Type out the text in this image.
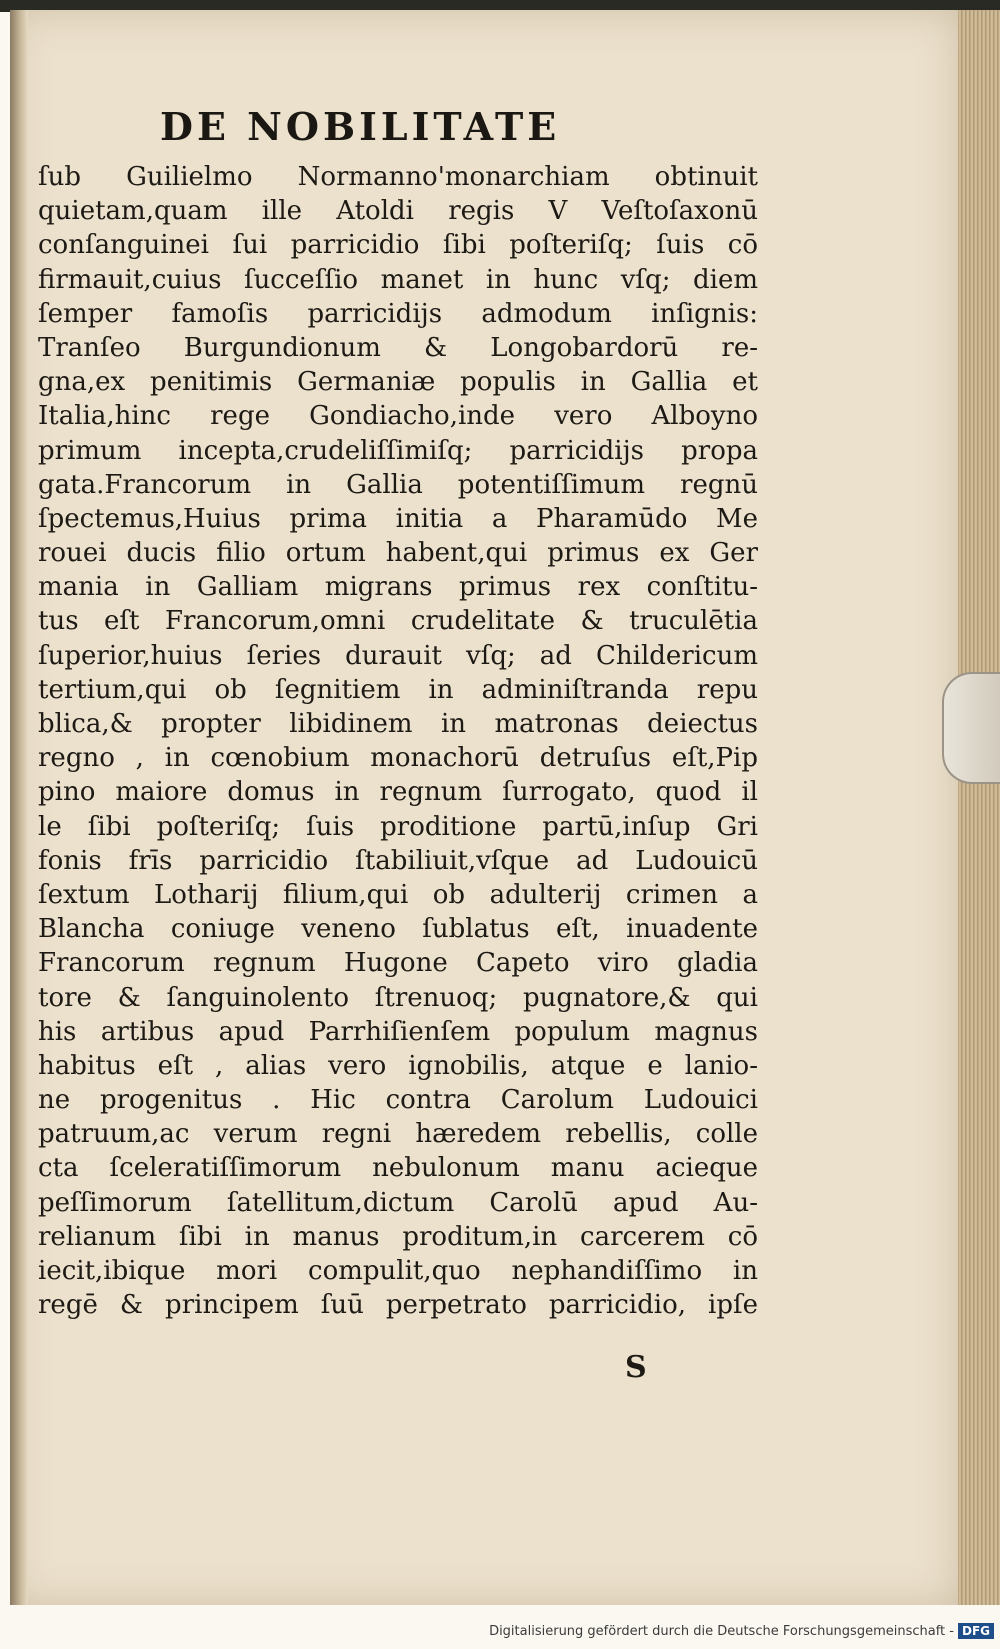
DE NOBILITATE
ſub Guilielmo Normanno'monarchiam obtinuit
quietam,quam ille Atoldi regis V Veſtoſaxonū
conſanguinei ſui parricidio ſibi poſteriſq; ſuis cō
firmauit,cuius ſucceſſio manet in hunc vſq; diem
ſemper famoſis parricidijs admodum inſignis:
Tranſeo Burgundionum & Longobardorū re-
gna,ex penitimis Germaniæ populis in Gallia et
Italia,hinc rege Gondiacho,inde vero Alboyno
primum incepta,crudeliſſimiſq; parricidijs propa
gata.Francorum in Gallia potentiſſimum regnū
ſpectemus,Huius prima initia a Pharamūdo Me
rouei ducis filio ortum habent,qui primus ex Ger
mania in Galliam migrans primus rex conſtitu-
tus eſt Francorum,omni crudelitate & truculētia
ſuperior,huius ſeries durauit vſq; ad Childericum
tertium,qui ob ſegnitiem in adminiſtranda repu
blica,& propter libidinem in matronas deiectus
regno , in cœnobium monachorū detruſus eſt,Pip
pino maiore domus in regnum ſurrogato, quod il
le ſibi poſteriſq; ſuis proditione partū,inſup Gri
fonis frīs parricidio ſtabiliuit,vſque ad Ludouicū
ſextum Lotharij filium,qui ob adulterij crimen a
Blancha coniuge veneno ſublatus eſt, inuadente
Francorum regnum Hugone Capeto viro gladia
tore & ſanguinolento ſtrenuoq; pugnatore,& qui
his artibus apud Parrhiſienſem populum magnus
habitus eſt , alias vero ignobilis, atque e lanio-
ne progenitus . Hic contra Carolum Ludouici
patruum,ac verum regni hæredem rebellis, colle
cta ſceleratiſſimorum nebulonum manu acieque
peſſimorum ſatellitum,dictum Carolū apud Au-
relianum ſibi in manus proditum,in carcerem cō
iecit,ibique mori compulit,quo nephandiſſimo in
regē & principem ſuū perpetrato parricidio, ipſe
S
Digitalisierung gefördert durch die Deutsche Forschungsgemeinschaft - DFG
